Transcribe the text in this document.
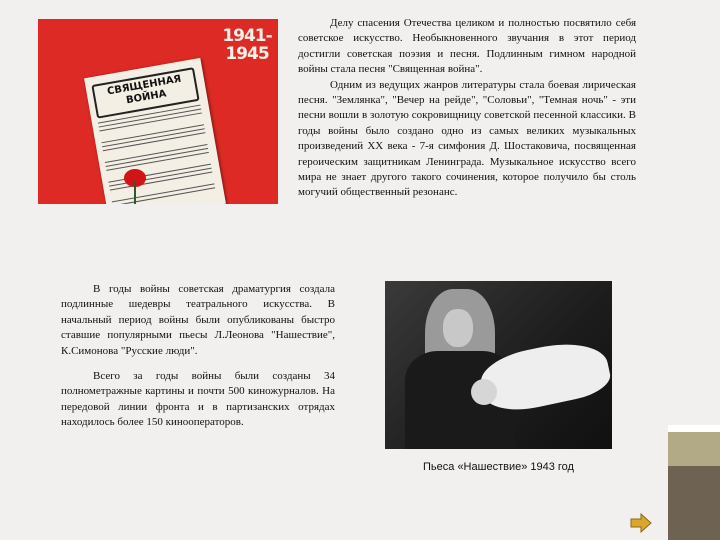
СВЯЩЕННАЯ ВОЙНА
1941-1945

Делу спасения Отечества целиком и полностью посвятило себя советское искусство. Необыкновенного звучания в этот период достигли советская поэзия и песня. Подлинным гимном народной войны стала песня "Священная война".

Одним из ведущих жанров литературы стала боевая лирическая песня. "Землянка", "Вечер на рейде", "Соловьи", "Темная ночь" - эти песни вошли в золотую сокровищницу советской песенной классики. В годы войны было создано одно из самых великих музыкальных произведений ХХ века - 7-я симфония Д. Шостаковича, посвященная героическим защитникам Ленинграда. Музыкальное искусство всего мира не знает другого такого сочинения, которое получило бы столь могучий общественный резонанс.

В годы войны советская драматургия создала подлинные шедевры театрального искусства. В начальный период войны были опубликованы быстро ставшие популярными пьесы Л.Леонова "Нашествие", К.Симонова "Русские люди".

Всего за годы войны были созданы 34 полнометражные картины и почти 500 киножурналов. На передовой линии фронта и в партизанских отрядах находилось более 150 кинооператоров.

Пьеса «Нашествие» 1943 год
